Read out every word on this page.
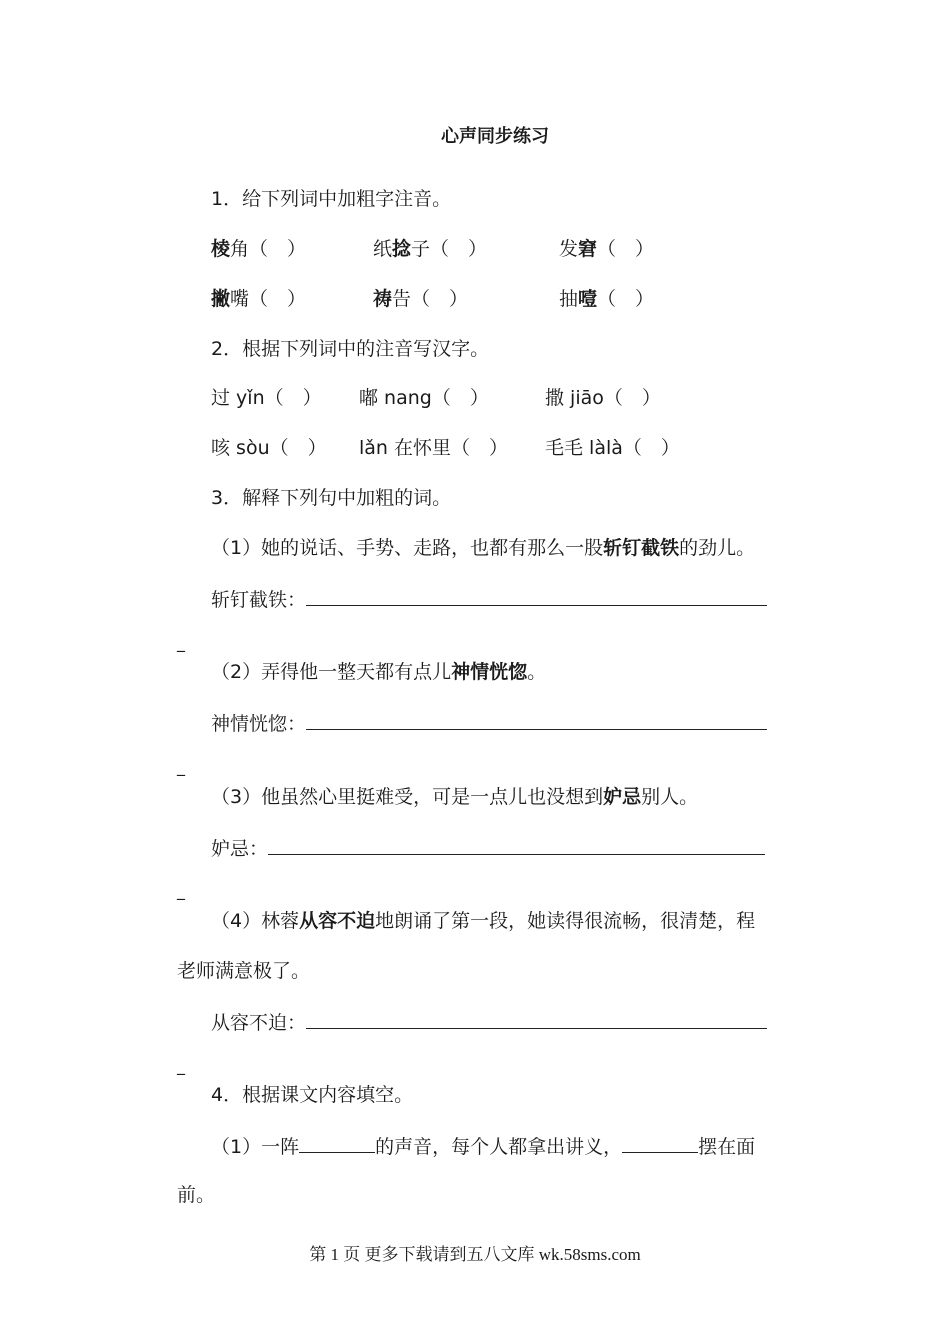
心声同步练习
1．给下列词中加粗字注音。
棱角（　）	纸捻子（　）	发窘（　）
撇嘴（　）	祷告（　）	抽噎（　）
2．根据下列词中的注音写汉字。
过 yǐn（　） 嘟 nang（　）	撒 jiāo（　）
咳 sòu（　） lǎn 在怀里（　） 毛毛 làlà（　）
3．解释下列句中加粗的词。
（1）她的说话、手势、走路，也都有那么一股斩钉截铁的劲儿。
斩钉截铁：
_
（2）弄得他一整天都有点儿神情恍惚。
神情恍惚：
_
（3）他虽然心里挺难受，可是一点儿也没想到妒忌别人。
妒忌：
_
（4）林蓉从容不迫地朗诵了第一段，她读得很流畅，很清楚，程
老师满意极了。
从容不迫：
_
4．根据课文内容填空。
（1）一阵	的声音，每个人都拿出讲义，	摆在面
前。
第 1 页 更多下载请到五八文库 wk.58sms.com
